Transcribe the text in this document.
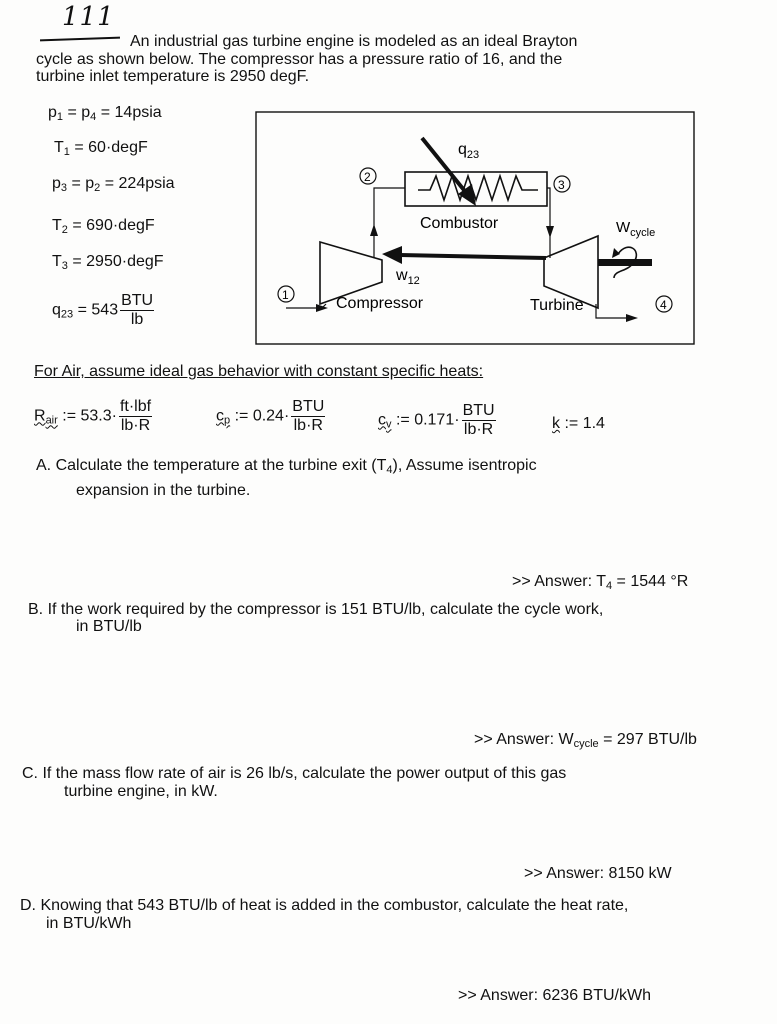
111
An industrial gas turbine engine is modeled as an ideal Brayton
cycle as shown below. The compressor has a pressure ratio of 16, and the
turbine inlet temperature is 2950 degF.
$p_1 = p_4$ = 14psia
$T_1$ = 60·degF
$p_3 = p_2$ = 224psia
$T_2$ = 690·degF
$T_3$ = 2950·degF
$q_{23} = 543 \frac{\text{BTU}}{lb}$
Combustor
$q_{23}$
Compressor	Turbine
2
3
$w_{12}$
$W_{cycle}$
1
4
For Air, assume ideal gas behavior with constant specific heats:
$R_{air}$ := $53.3\cdot \frac{\text{ft·lbf}}{lb\cdot R}$	$c_p$ := $0.24\cdot \frac{\text{BTU}}{lb\cdot R}$	$c_v$ := $0.171\cdot \frac{\text{BTU}}{lb\cdot R}$	k := 1.4
A. Calculate the temperature at the turbine exit $(T_4)$, Assume isentropic
expansion in the turbine.
>> Answer: $T_4 = 1544$ °R
B. If the work required by the compressor is 151 BTU/lb, calculate the cycle work,
in BTU/lb
>> Answer: $W_{cycle} = 297$ BTU/lb
C. If the mass flow rate of air is 26 lb/s, calculate the power output of this gas
turbine engine, in kW.
>> Answer: 8150 kW
D. Knowing that 543 BTU/lb of heat is added in the combustor, calculate the heat rate,
in BTU/kWh
>> Answer: 6236 BTU/kWh
